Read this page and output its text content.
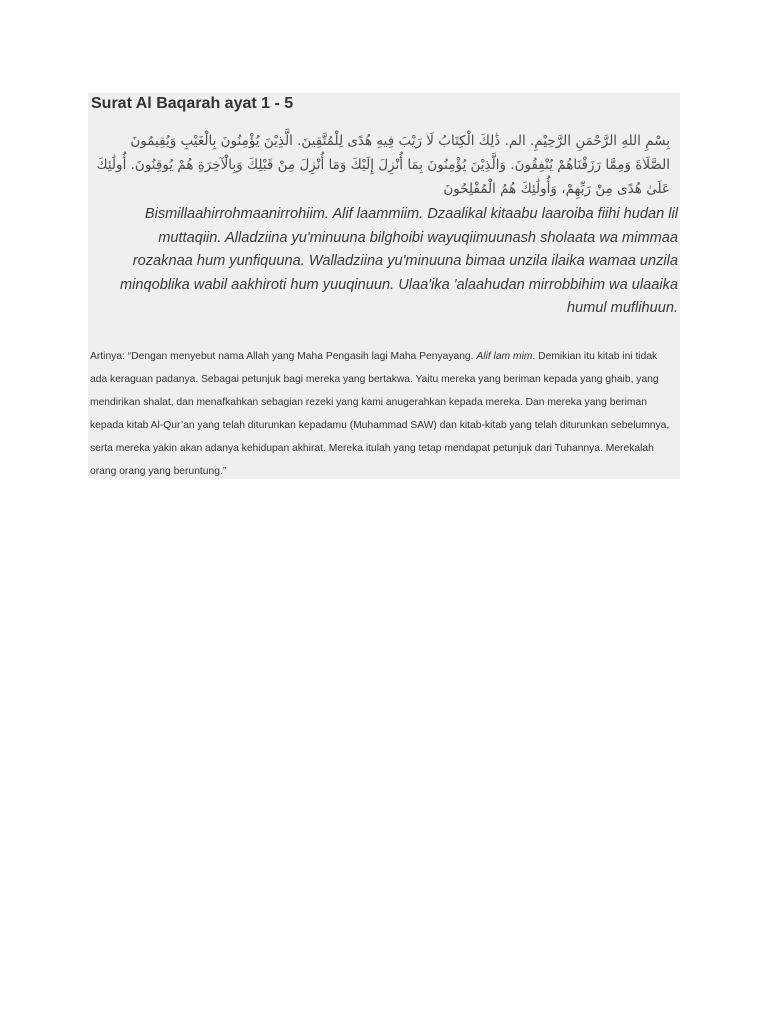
Surat Al Baqarah ayat 1 - 5

بِسْمِ اللهِ الرَّحْمَنِ الرَّحِيْمِ. الم. ذَٰلِكَ الْكِتَابُ لَا رَيْبَ فِيهِ هُدًى لِلْمُتَّقِينَ. الَّذِيْنَ يُؤْمِنُونَ بِالْغَيْبِ وَيُقِيمُونَ الصَّلَاةَ وَمِمَّا رَزَقْنَاهُمْ يُنْفِقُونَ. وَالَّذِيْنَ يُؤْمِنُونَ بِمَا أُنْزِلَ إِلَيْكَ وَمَا أُنْزِلَ مِنْ قَبْلِكَ وَبِالْآخِرَةِ هُمْ يُوقِنُونَ. أُولَٰئِكَ عَلَىٰ هُدًى مِنْ رَبِّهِمْ، وَأُولَٰئِكَ هُمُ الْمُفْلِحُونَ

Bismillaahirrohmaanirrohiim. Alif laammiim. Dzaalikal kitaabu laaroiba fiihi hudan lil muttaqiin. Alladziina yu'minuuna bilghoibi wayuqiimuunash sholaata wa mimmaa rozaknaa hum yunfiquuna. Walladziina yu'minuuna bimaa unzila ilaika wamaa unzila minqoblika wabil aakhiroti hum yuuqinuun. Ulaa'ika 'alaahudan mirrobbihim wa ulaaika humul muflihuun.

Artinya: “Dengan menyebut nama Allah yang Maha Pengasih lagi Maha Penyayang. Alif lam mim. Demikian itu kitab ini tidak ada keraguan padanya. Sebagai petunjuk bagi mereka yang bertakwa. Yaitu mereka yang beriman kepada yang ghaib, yang mendirikan shalat, dan menafkahkan sebagian rezeki yang kami anugerahkan kepada mereka. Dan mereka yang beriman kepada kitab Al-Qur’an yang telah diturunkan kepadamu (Muhammad SAW) dan kitab-kitab yang telah diturunkan sebelumnya, serta mereka yakin akan adanya kehidupan akhirat. Mereka itulah yang tetap mendapat petunjuk dari Tuhannya. Merekalah orang orang yang beruntung.”
